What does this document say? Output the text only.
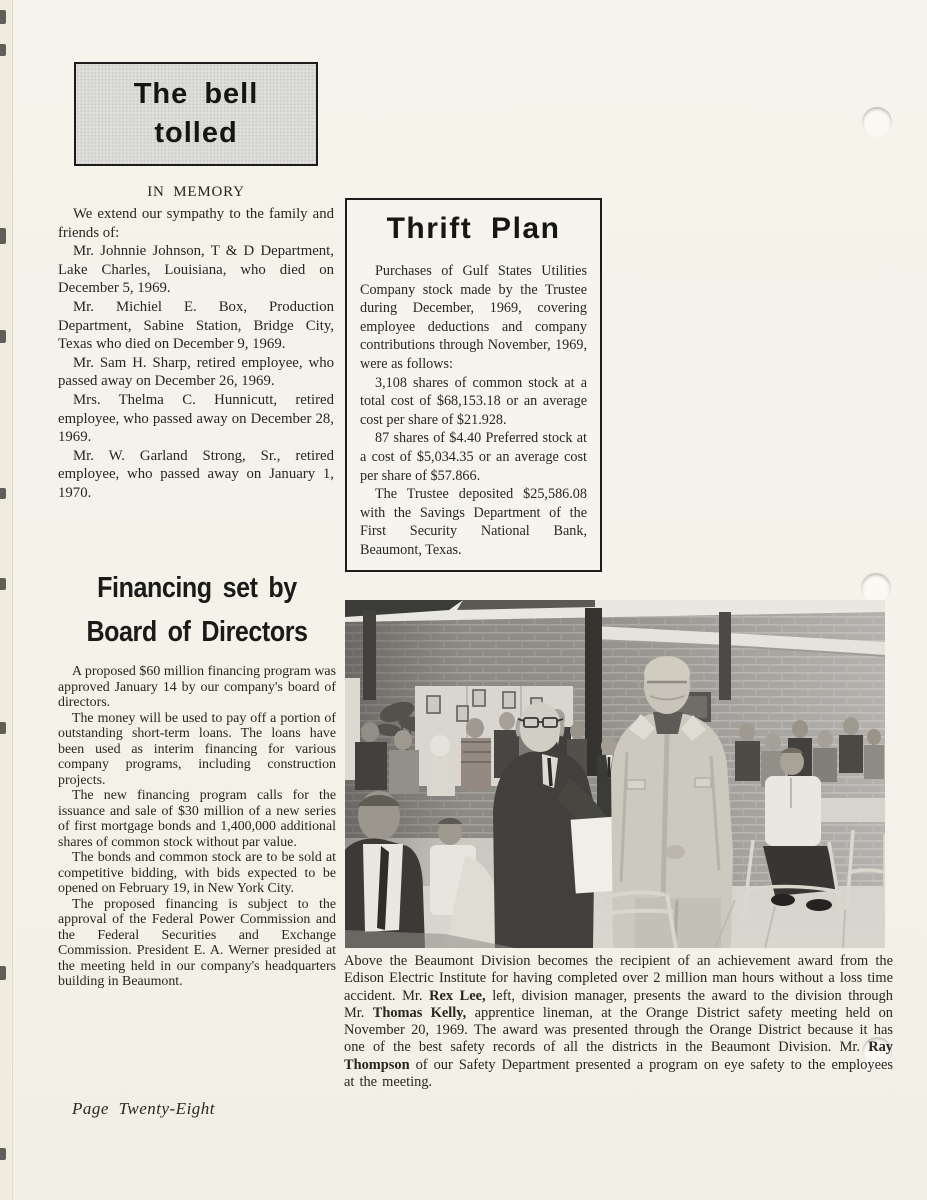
The bell
tolled

IN MEMORY

We extend our sympathy to the family and friends of:

Mr. Johnnie Johnson, T & D Department, Lake Charles, Louisiana, who died on December 5, 1969.

Mr. Michiel E. Box, Production Department, Sabine Station, Bridge City, Texas who died on December 9, 1969.

Mr. Sam H. Sharp, retired employee, who passed away on December 26, 1969.

Mrs. Thelma C. Hunnicutt, retired employee, who passed away on December 28, 1969.

Mr. W. Garland Strong, Sr., retired employee, who passed away on January 1, 1970.

Thrift Plan

Purchases of Gulf States Utilities Company stock made by the Trustee during December, 1969, covering employee deductions and company contributions through November, 1969, were as follows:

3,108 shares of common stock at a total cost of $68,153.18 or an average cost per share of $21.928.

87 shares of $4.40 Preferred stock at a cost of $5,034.35 or an average cost per share of $57.866.

The Trustee deposited $25,586.08 with the Savings Department of the First Security National Bank, Beaumont, Texas.

Financing set by
Board of Directors

A proposed $60 million financing program was approved January 14 by our company's board of directors.

The money will be used to pay off a portion of outstanding short-term loans. The loans have been used as interim financing for various company programs, including construction projects.

The new financing program calls for the issuance and sale of $30 million of a new series of first mortgage bonds and 1,400,000 additional shares of common stock without par value.

The bonds and common stock are to be sold at competitive bidding, with bids expected to be opened on February 19, in New York City.

The proposed financing is subject to the approval of the Federal Power Commission and the Federal Securities and Exchange Commission. President E. A. Werner presided at the meeting held in our company's headquarters building in Beaumont.

Above the Beaumont Division becomes the recipient of an achievement award from the Edison Electric Institute for having completed over 2 million man hours without a loss time accident. Mr. Rex Lee, left, division manager, presents the award to the division through Mr. Thomas Kelly, apprentice lineman, at the Orange District safety meeting held on November 20, 1969. The award was presented through the Orange District because it has one of the best safety records of all the districts in the Beaumont Division. Mr. Ray Thompson of our Safety Department presented a program on eye safety to the employees at the meeting.
Page Twenty-Eight
